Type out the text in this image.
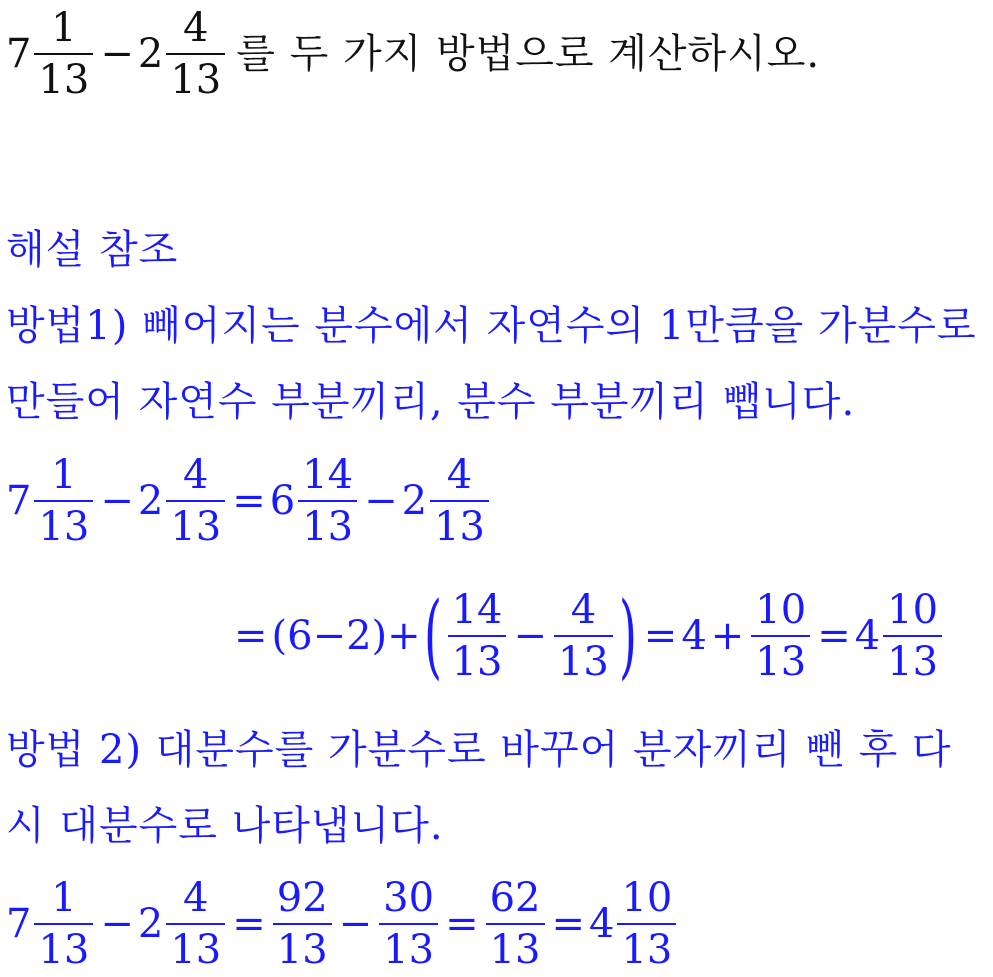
$7 \frac{1}{13} - 2 \frac{4}{13}$ 를 두 가지 방법으로 계산하시오.
해설 참조
방법1) 빼어지는 분수에서 자연수의 1만큼을 가분수로
만들어 자연수 부분끼리, 분수 부분끼리 뺍니다.
$7 \frac{1}{13} - 2 \frac{4}{13} = 6 \frac{14}{13} - 2 \frac{4}{13}$
= (6−2)+ ( $\frac{14}{13} - \frac{4}{13}$ ) = $4 + \frac{10}{13} = 4 \frac{10}{13}$
방법 2) 대분수를 가분수로 바꾸어 분자끼리 뺀 후 다
시 대분수로 나타냅니다.
$7 \frac{1}{13} - 2 \frac{4}{13} = \frac{92}{13} - \frac{30}{13} = \frac{62}{13} = 4 \frac{10}{13}$
